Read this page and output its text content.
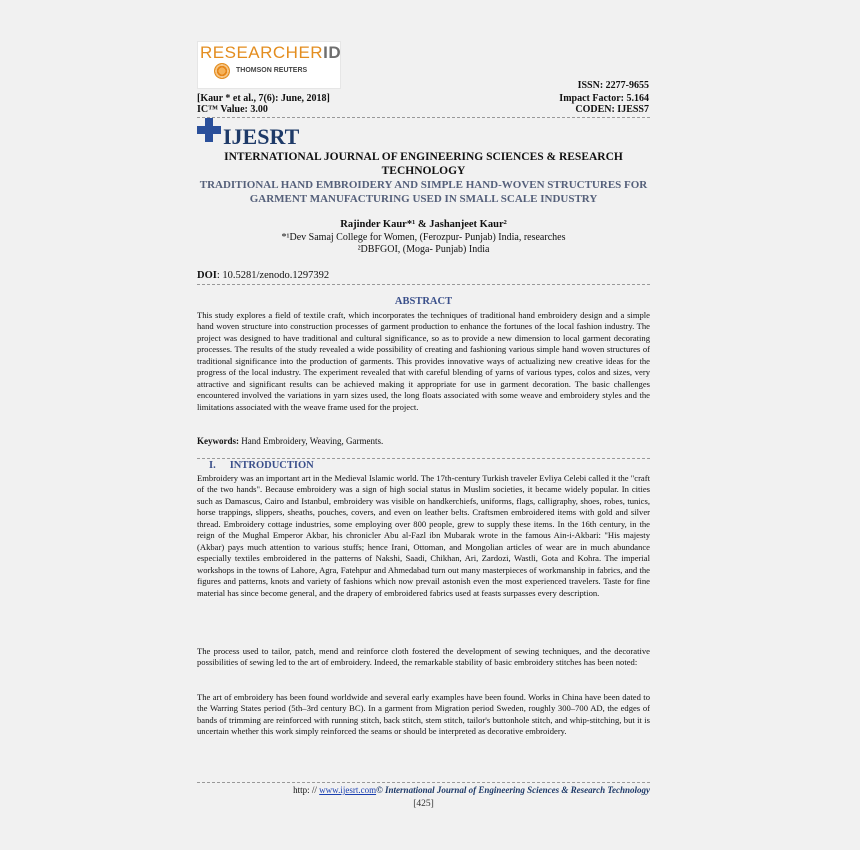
RESEARCHERID
THOMSON REUTERS
[Kaur * et al., 7(6): June, 2018]
IC™ Value: 3.00
ISSN: 2277-9655
Impact Factor: 5.164
CODEN: IJESS7
IJESRT
INTERNATIONAL JOURNAL OF ENGINEERING SCIENCES & RESEARCH TECHNOLOGY
TRADITIONAL HAND EMBROIDERY AND SIMPLE HAND-WOVEN STRUCTURES FOR GARMENT MANUFACTURING USED IN SMALL SCALE INDUSTRY
Rajinder Kaur*¹ & Jashanjeet Kaur²
*¹Dev Samaj College for Women, (Ferozpur- Punjab) India, researches
²DBFGOI, (Moga- Punjab) India
DOI: 10.5281/zenodo.1297392
ABSTRACT
This study explores a field of textile craft, which incorporates the techniques of traditional hand embroidery design and a simple hand woven structure into construction processes of garment production to enhance the fortunes of the local fashion industry. The project was designed to have traditional and cultural significance, so as to provide a new dimension to local garment decorating processes. The results of the study revealed a wide possibility of creating and fashioning various simple hand woven structures of traditional significance into the production of garments. This provides innovative ways of actualizing new creative ideas for the progress of the local industry. The experiment revealed that with careful blending of yarns of various types, colos and sizes, very attractive and significant results can be achieved making it appropriate for use in garment decoration. The basic challenges encountered involved the variations in yarn sizes used, the long floats associated with some weave and embroidery styles and the limitations associated with the weave frame used for the project.
Keywords: Hand Embroidery, Weaving, Garments.
I. INTRODUCTION
Embroidery was an important art in the Medieval Islamic world. The 17th-century Turkish traveler Evliya Celebi called it the "craft of the two hands". Because embroidery was a sign of high social status in Muslim societies, it became widely popular. In cities such as Damascus, Cairo and Istanbul, embroidery was visible on handkerchiefs, uniforms, flags, calligraphy, shoes, robes, tunics, horse trappings, slippers, sheaths, pouches, covers, and even on leather belts. Craftsmen embroidered items with gold and silver thread. Embroidery cottage industries, some employing over 800 people, grew to supply these items. In the 16th century, in the reign of the Mughal Emperor Akbar, his chronicler Abu al-Fazl ibn Mubarak wrote in the famous Ain-i-Akbari: "His majesty (Akbar) pays much attention to various stuffs; hence Irani, Ottoman, and Mongolian articles of wear are in much abundance especially textiles embroidered in the patterns of Nakshi, Saadi, Chikhan, Ari, Zardozi, Wastli, Gota and Kohra. The imperial workshops in the towns of Lahore, Agra, Fatehpur and Ahmedabad turn out many masterpieces of workmanship in fabrics, and the figures and patterns, knots and variety of fashions which now prevail astonish even the most experienced travelers. Taste for fine material has since become general, and the drapery of embroidered fabrics used at feasts surpasses every description.
The process used to tailor, patch, mend and reinforce cloth fostered the development of sewing techniques, and the decorative possibilities of sewing led to the art of embroidery. Indeed, the remarkable stability of basic embroidery stitches has been noted:
The art of embroidery has been found worldwide and several early examples have been found. Works in China have been dated to the Warring States period (5th–3rd century BC). In a garment from Migration period Sweden, roughly 300–700 AD, the edges of bands of trimming are reinforced with running stitch, back stitch, stem stitch, tailor's buttonhole stitch, and whip-stitching, but it is uncertain whether this work simply reinforced the seams or should be interpreted as decorative embroidery.
http: // www.ijesrt.com© International Journal of Engineering Sciences & Research Technology
[425]
